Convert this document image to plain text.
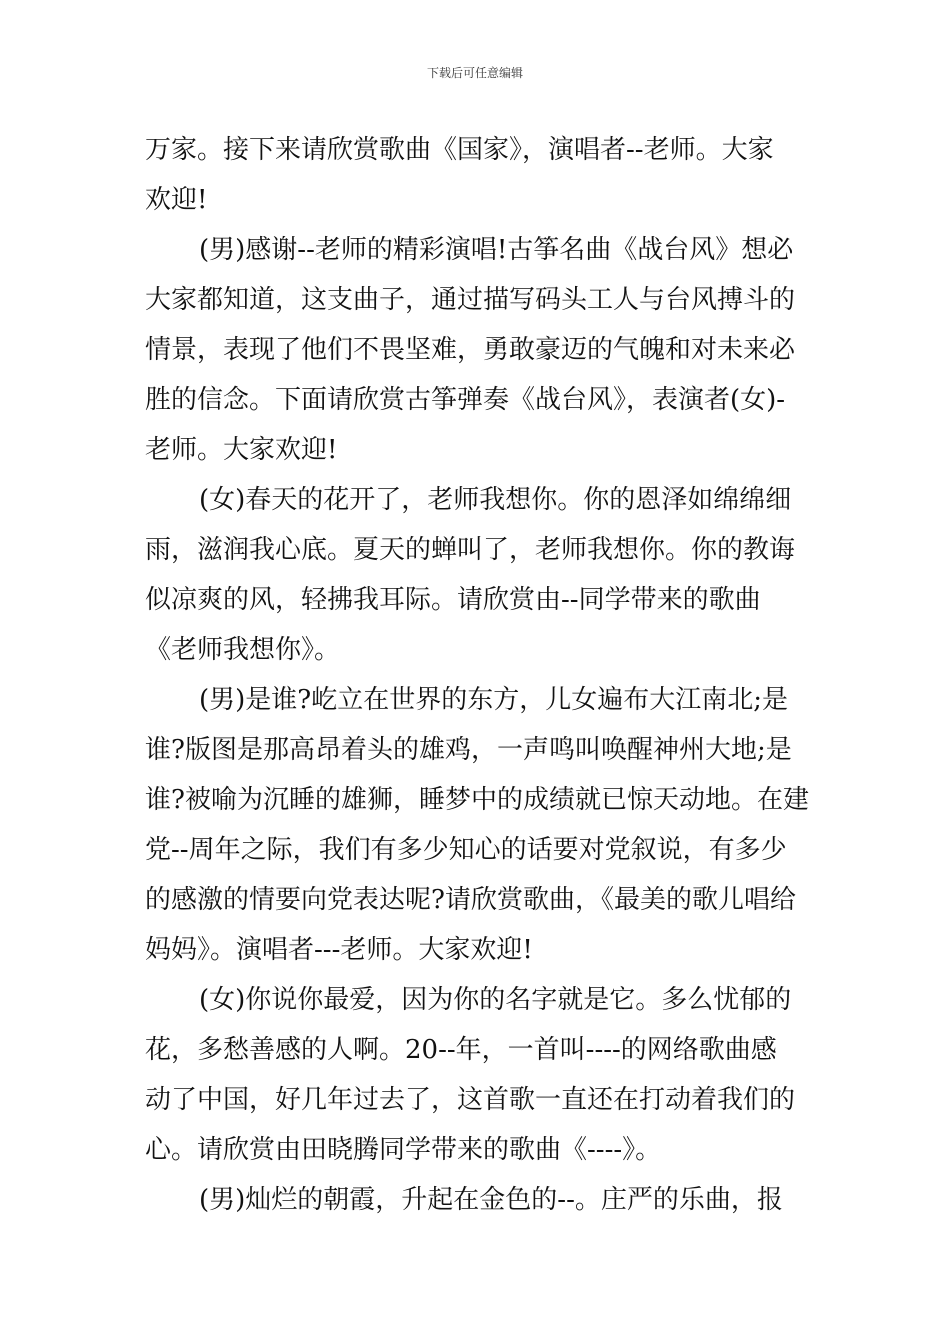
下载后可任意编辑
万家。接下来请欣赏歌曲《国家》，演唱者--老师。大家
欢迎!
(男)感谢--老师的精彩演唱!古筝名曲《战台风》想必
大家都知道，这支曲子，通过描写码头工人与台风搏斗的
情景，表现了他们不畏坚难，勇敢豪迈的气魄和对未来必
胜的信念。下面请欣赏古筝弹奏《战台风》，表演者(女)-
老师。大家欢迎!
(女)春天的花开了，老师我想你。你的恩泽如绵绵细
雨，滋润我心底。夏天的蝉叫了，老师我想你。你的教诲
似凉爽的风，轻拂我耳际。请欣赏由--同学带来的歌曲
《老师我想你》。
(男)是谁?屹立在世界的东方，儿女遍布大江南北;是
谁?版图是那高昂着头的雄鸡，一声鸣叫唤醒神州大地;是
谁?被喻为沉睡的雄狮，睡梦中的成绩就已惊天动地。在建
党--周年之际，我们有多少知心的话要对党叙说，有多少
的感激的情要向党表达呢?请欣赏歌曲，《最美的歌儿唱给
妈妈》。演唱者---老师。大家欢迎!
(女)你说你最爱，因为你的名字就是它。多么忧郁的
花，多愁善感的人啊。20--年，一首叫----的网络歌曲感
动了中国，好几年过去了，这首歌一直还在打动着我们的
心。请欣赏由田晓腾同学带来的歌曲《----》。
(男)灿烂的朝霞，升起在金色的--。庄严的乐曲，报
